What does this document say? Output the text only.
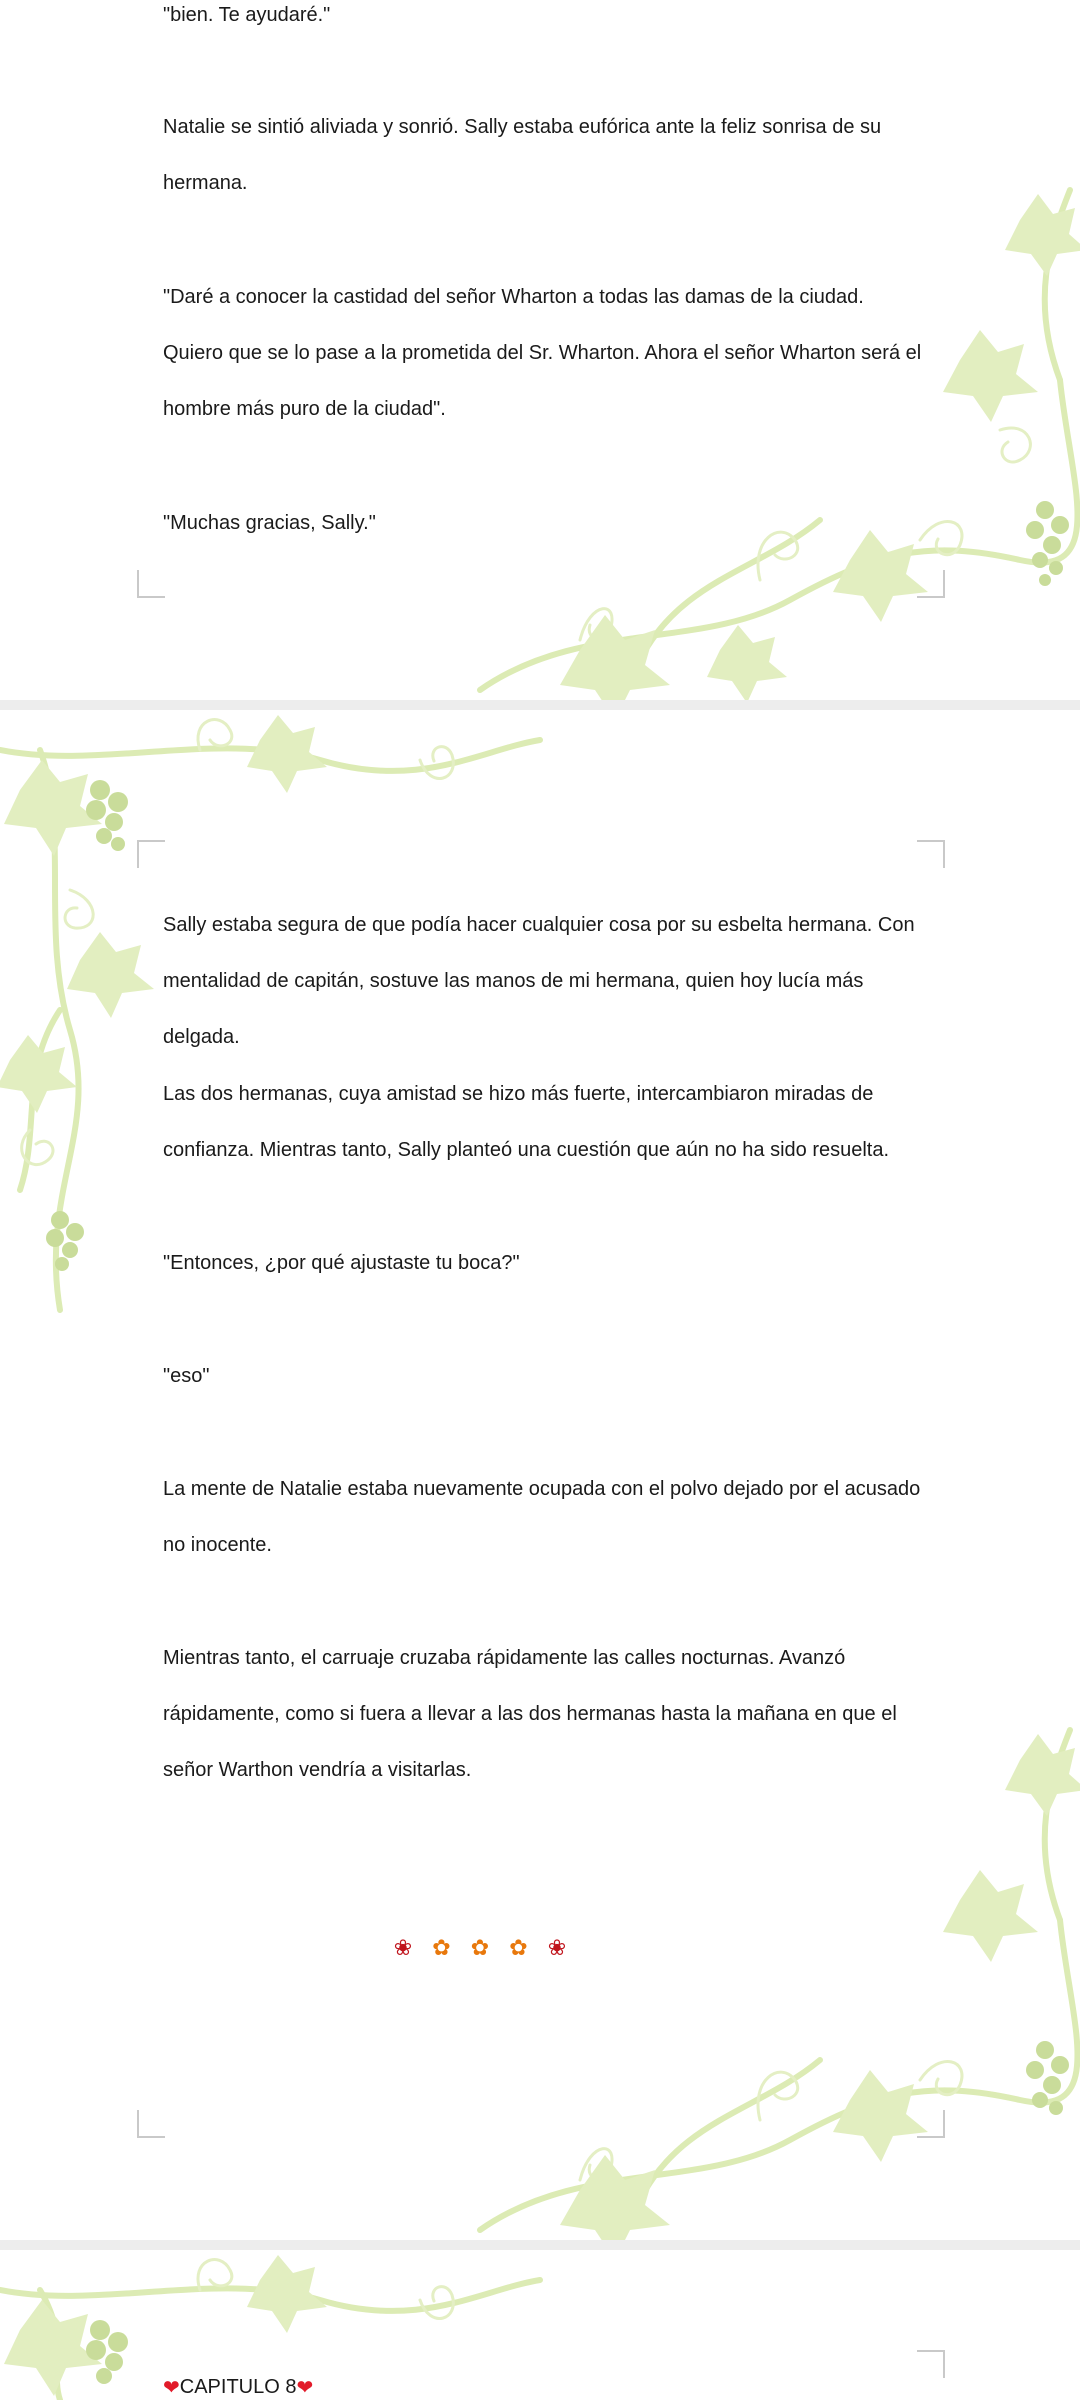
"bien. Te ayudaré."

Natalie se sintió aliviada y sonrió. Sally estaba eufórica ante la feliz sonrisa de su hermana.

"Daré a conocer la castidad del señor Wharton a todas las damas de la ciudad. Quiero que se lo pase a la prometida del Sr. Wharton. Ahora el señor Wharton será el hombre más puro de la ciudad".

"Muchas gracias, Sally."

Sally estaba segura de que podía hacer cualquier cosa por su esbelta hermana. Con mentalidad de capitán, sostuve las manos de mi hermana, quien hoy lucía más delgada.

Las dos hermanas, cuya amistad se hizo más fuerte, intercambiaron miradas de confianza. Mientras tanto, Sally planteó una cuestión que aún no ha sido resuelta.

"Entonces, ¿por qué ajustaste tu boca?"

"eso"

La mente de Natalie estaba nuevamente ocupada con el polvo dejado por el acusado no inocente.

Mientras tanto, el carruaje cruzaba rápidamente las calles nocturnas. Avanzó rápidamente, como si fuera a llevar a las dos hermanas hasta la mañana en que el señor Warthon vendría a visitarlas.

❀ ✿ ✿ ✿ ❀
❤ CAPITULO 8 ❤
